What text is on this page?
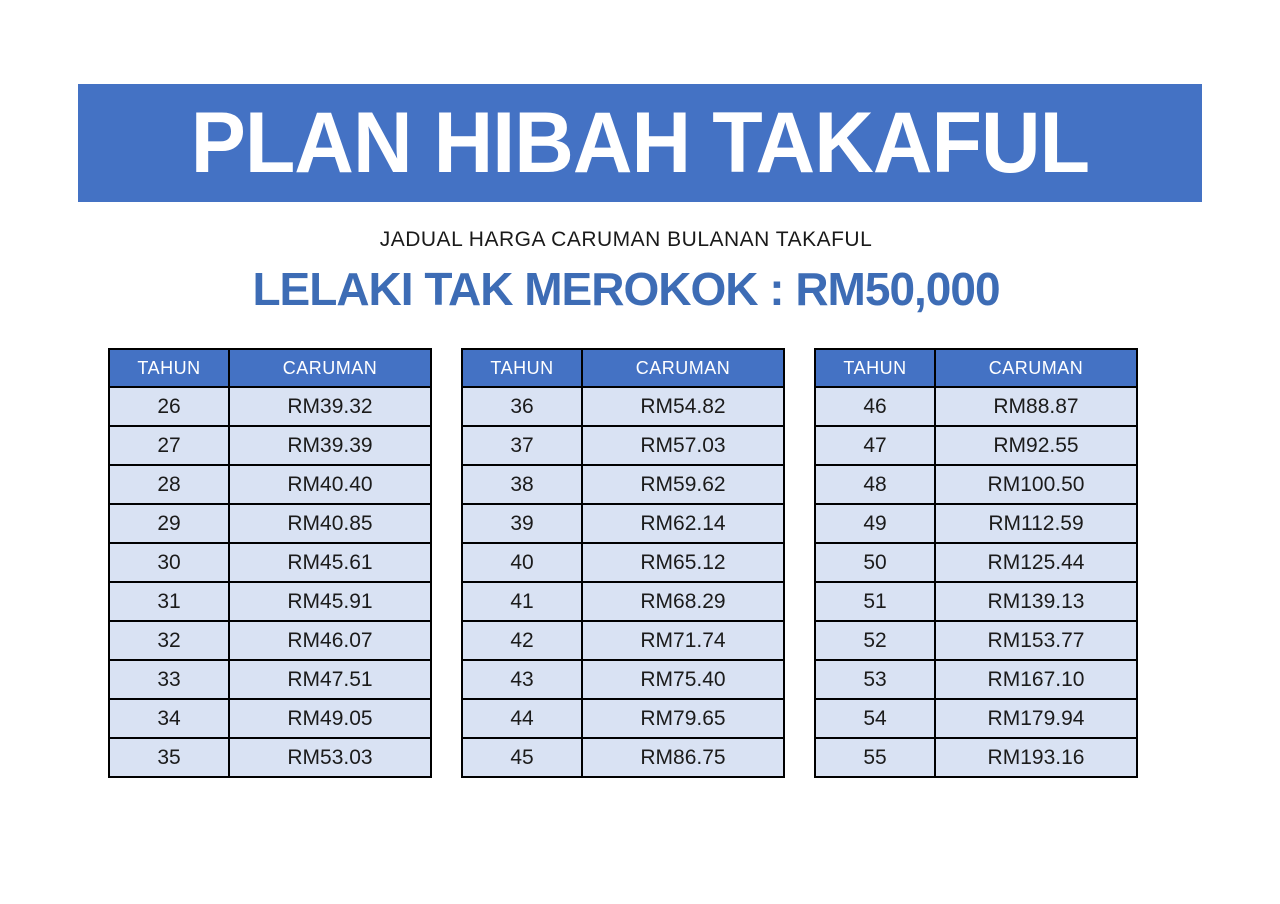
PLAN HIBAH TAKAFUL
JADUAL HARGA CARUMAN BULANAN TAKAFUL
LELAKI TAK MEROKOK : RM50,000
TAHUN	CARUMAN
26	RM39.32
27	RM39.39
28	RM40.40
29	RM40.85
30	RM45.61
31	RM45.91
32	RM46.07
33	RM47.51
34	RM49.05
35	RM53.03
TAHUN	CARUMAN
36	RM54.82
37	RM57.03
38	RM59.62
39	RM62.14
40	RM65.12
41	RM68.29
42	RM71.74
43	RM75.40
44	RM79.65
45	RM86.75
TAHUN	CARUMAN
46	RM88.87
47	RM92.55
48	RM100.50
49	RM112.59
50	RM125.44
51	RM139.13
52	RM153.77
53	RM167.10
54	RM179.94
55	RM193.16
